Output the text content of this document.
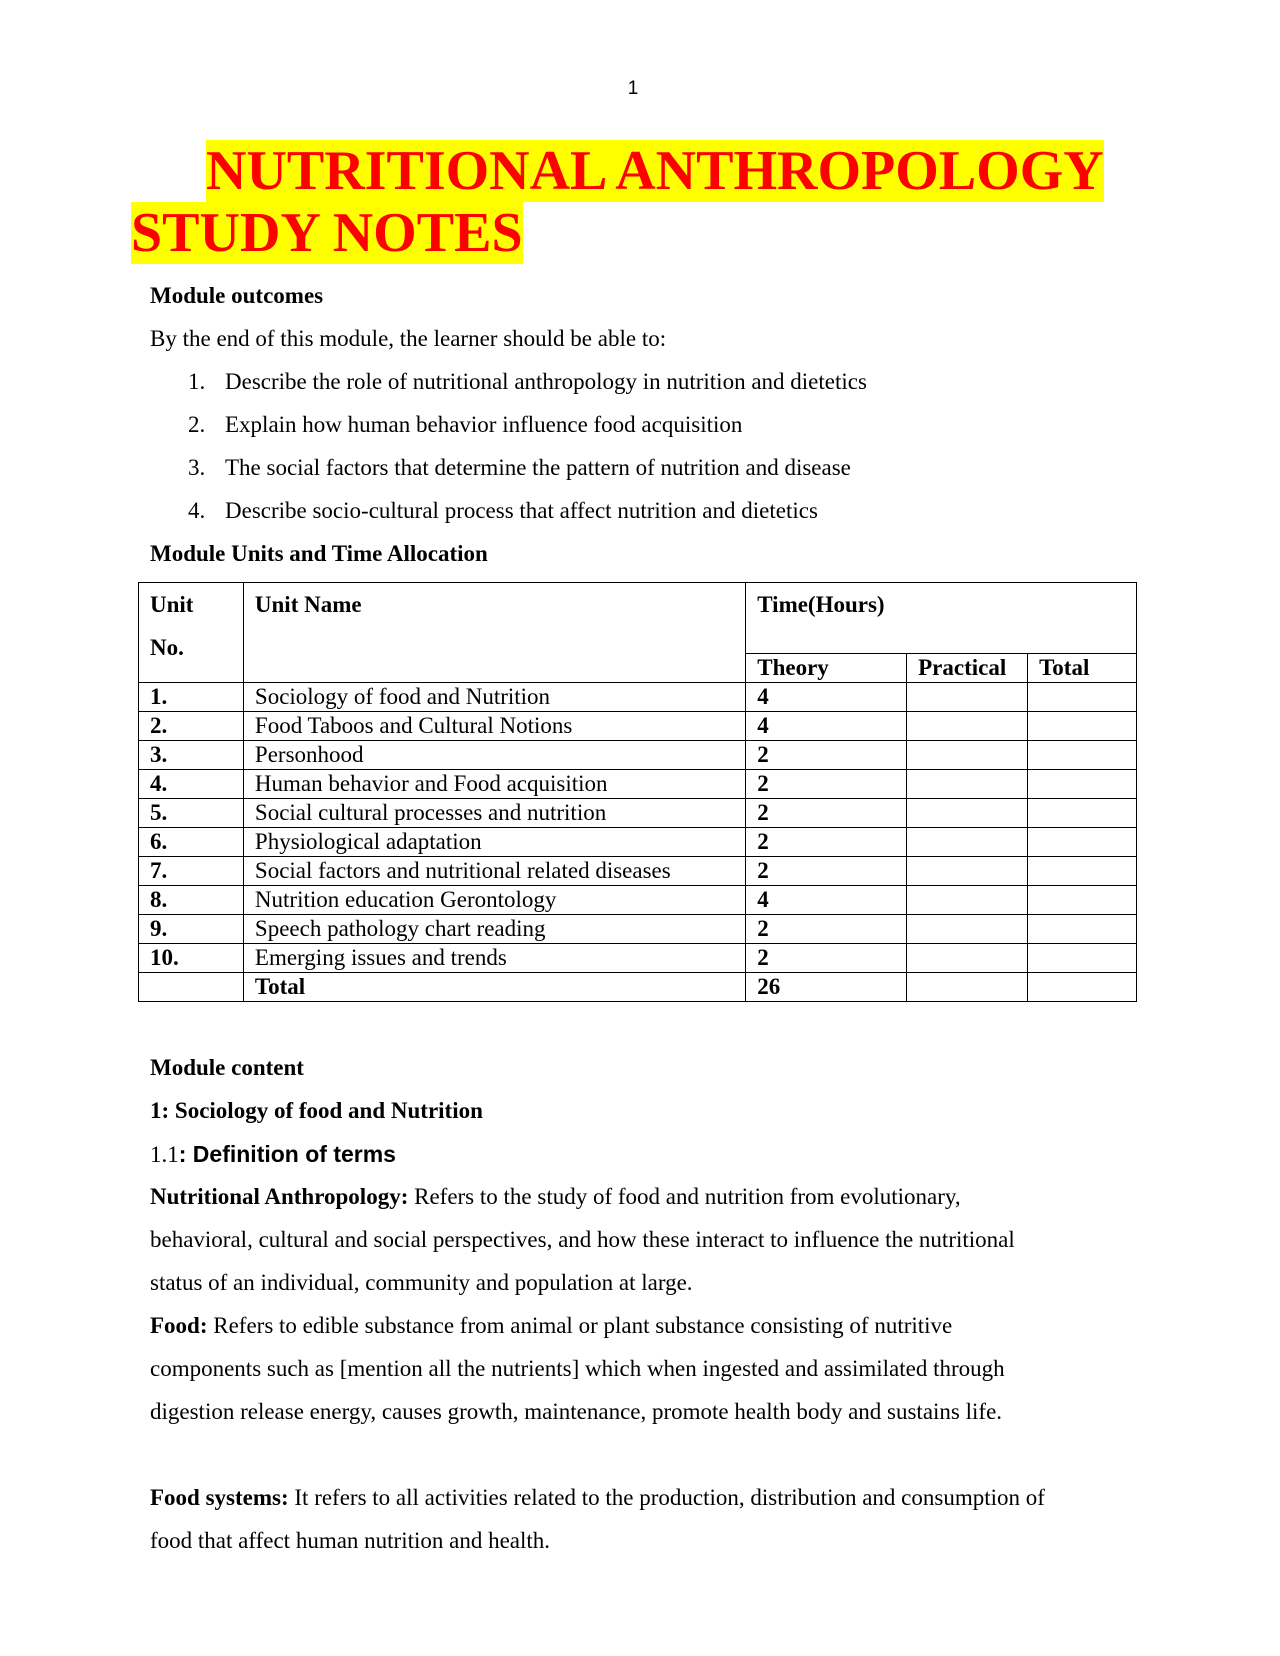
1
NUTRITIONAL ANTHROPOLOGY
STUDY NOTES
Module outcomes
By the end of this module, the learner should be able to:
1. Describe the role of nutritional anthropology in nutrition and dietetics
2. Explain how human behavior influence food acquisition
3. The social factors that determine the pattern of nutrition and disease
4. Describe socio-cultural process that affect nutrition and dietetics
Module Units and Time Allocation
Unit
No.	Unit Name	Time(Hours)		
		Theory	Practical	Total
1.	Sociology of food and Nutrition	4		
2.	Food Taboos and Cultural Notions	4		
3.	Personhood	2		
4.	Human behavior and Food acquisition	2		
5.	Social cultural processes and nutrition	2		
6.	Physiological adaptation	2		
7.	Social factors and nutritional related diseases	2		
8.	Nutrition education Gerontology	4		
9.	Speech pathology chart reading	2		
10.	Emerging issues and trends	2		
	Total	26		
Module content
1: Sociology of food and Nutrition
1.1: Definition of terms
Nutritional Anthropology: Refers to the study of food and nutrition from evolutionary,
behavioral, cultural and social perspectives, and how these interact to influence the nutritional
status of an individual, community and population at large.
Food: Refers to edible substance from animal or plant substance consisting of nutritive
components such as [mention all the nutrients] which when ingested and assimilated through
digestion release energy, causes growth, maintenance, promote health body and sustains life.
Food systems: It refers to all activities related to the production, distribution and consumption of
food that affect human nutrition and health.
